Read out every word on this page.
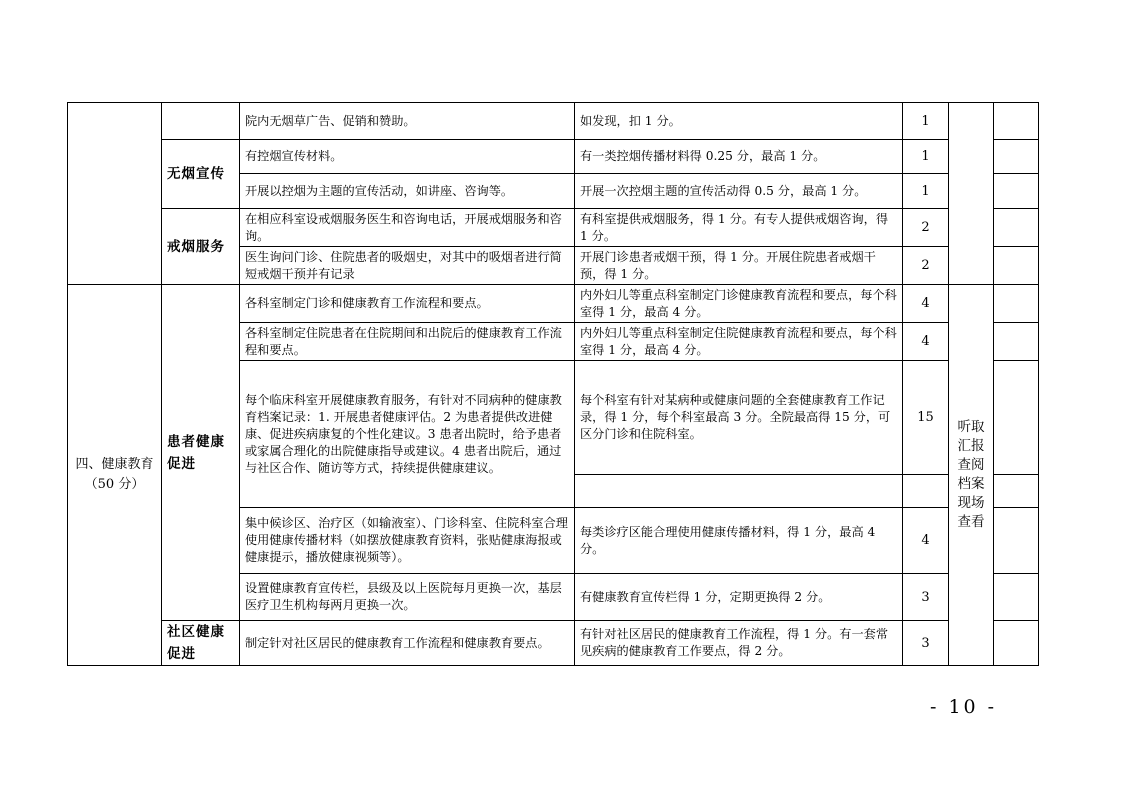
		院内无烟草广告、促销和赞助。	如发现，扣 1 分。	1		
	无烟宣传	有控烟宣传材料。	有一类控烟传播材料得 0.25 分，最高 1 分。	1		
		开展以控烟为主题的宣传活动，如讲座、咨询等。	开展一次控烟主题的宣传活动得 0.5 分，最高 1 分。	1		
	戒烟服务	在相应科室设戒烟服务医生和咨询电话，开展戒烟服务和咨询。	有科室提供戒烟服务，得 1 分。有专人提供戒烟咨询，得 1 分。	2		
		医生询问门诊、住院患者的吸烟史，对其中的吸烟者进行简短戒烟干预并有记录	开展门诊患者戒烟干预，得 1 分。开展住院患者戒烟干预，得 1 分。	2		

四、健康教育
（50 分）	患者健康促进	各科室制定门诊和健康教育工作流程和要点。	内外妇儿等重点科室制定门诊健康教育流程和要点，每个科室得 1 分，最高 4 分。	4	听取汇报查阅档案现场查看	
		各科室制定住院患者在住院期间和出院后的健康教育工作流程和要点。	内外妇儿等重点科室制定住院健康教育流程和要点，每个科室得 1 分，最高 4 分。	4		
		每个临床科室开展健康教育服务，有针对不同病种的健康教育档案记录：1. 开展患者健康评估。2 为患者提供改进健康、促进疾病康复的个性化建议。3 患者出院时，给予患者或家属合理化的出院健康指导或建议。4 患者出院后，通过与社区合作、随访等方式，持续提供健康建议。	每个科室有针对某病种或健康问题的全套健康教育工作记录，得 1 分，每个科室最高 3 分。全院最高得 15 分，可区分门诊和住院科室。	15		

		集中候诊区、治疗区（如输液室）、门诊科室、住院科室合理使用健康传播材料（如摆放健康教育资料，张贴健康海报或健康提示，播放健康视频等）。	每类诊疗区能合理使用健康传播材料，得 1 分，最高 4 分。	4		
		设置健康教育宣传栏，县级及以上医院每月更换一次，基层医疗卫生机构每两月更换一次。	有健康教育宣传栏得 1 分，定期更换得 2 分。	3		
	社区健康促进	制定针对社区居民的健康教育工作流程和健康教育要点。	有针对社区居民的健康教育工作流程，得 1 分。有一套常见疾病的健康教育工作要点，得 2 分。	3		
- 10 -
